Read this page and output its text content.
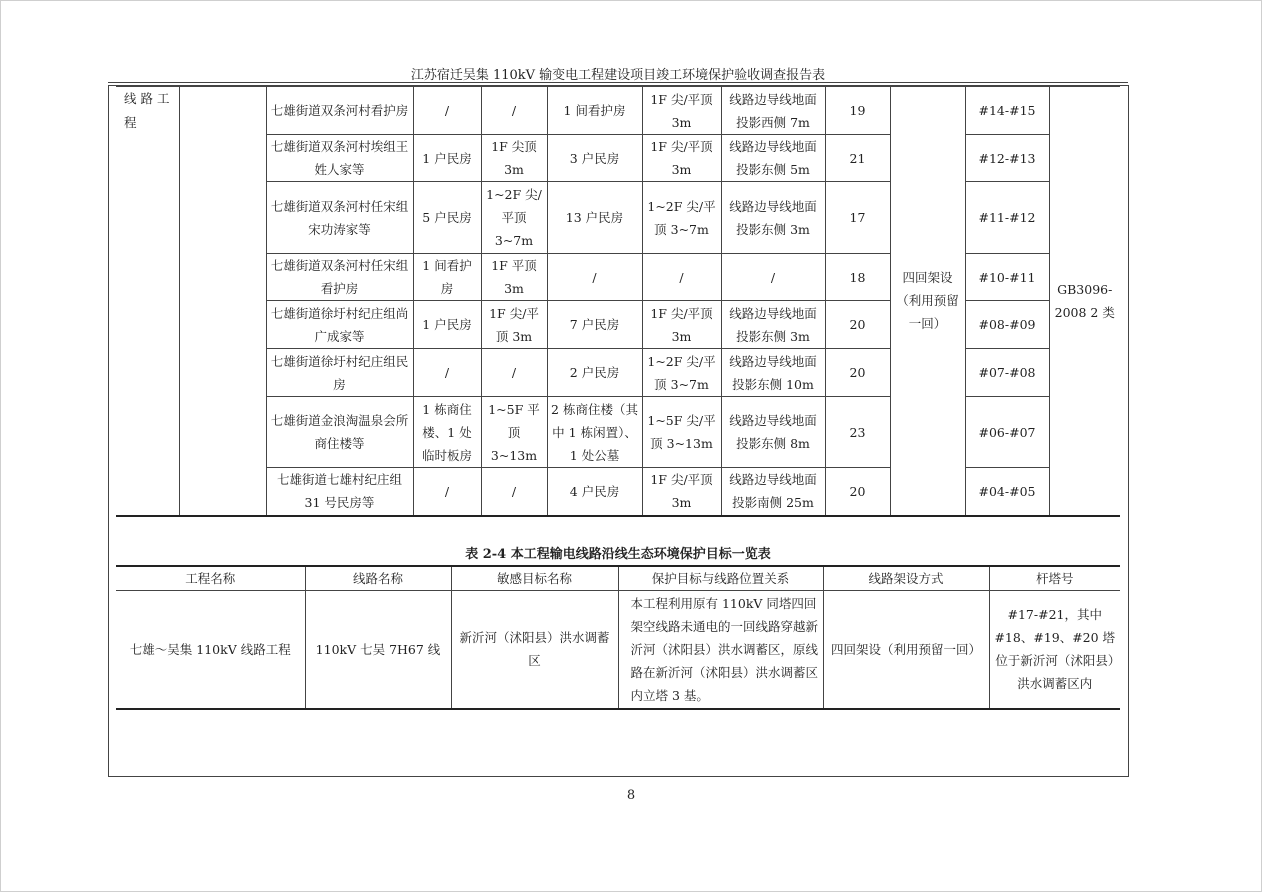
江苏宿迁吴集 110kV 输变电工程建设项目竣工环境保护验收调查报告表
线 路 工 程		七雄街道双条河村看护房	/	/	1 间看护房	1F 尖/平顶 3m	线路边导线地面投影西侧 7m	19	四回架设（利用预留一回）	#14-#15	GB3096-2008 2 类
		七雄街道双条河村埃组王姓人家等	1 户民房	1F 尖顶 3m	3 户民房	1F 尖/平顶 3m	线路边导线地面投影东侧 5m	21		#12-#13	
		七雄街道双条河村任宋组宋功涛家等	5 户民房	1~2F 尖/平顶 3~7m	13 户民房	1~2F 尖/平顶 3~7m	线路边导线地面投影东侧 3m	17		#11-#12	
		七雄街道双条河村任宋组看护房	1 间看护房	1F 平顶 3m	/	/	/	18		#10-#11	
		七雄街道徐圩村纪庄组尚广成家等	1 户民房	1F 尖/平顶 3m	7 户民房	1F 尖/平顶 3m	线路边导线地面投影东侧 3m	20		#08-#09	
		七雄街道徐圩村纪庄组民房	/	/	2 户民房	1~2F 尖/平顶 3~7m	线路边导线地面投影东侧 10m	20		#07-#08	
		七雄街道金浪淘温泉会所商住楼等	1 栋商住楼、1 处临时板房	1~5F 平顶 3~13m	2 栋商住楼（其中 1 栋闲置）、1 处公墓	1~5F 尖/平顶 3~13m	线路边导线地面投影东侧 8m	23		#06-#07	
		七雄街道七雄村纪庄组 31 号民房等	/	/	4 户民房	1F 尖/平顶 3m	线路边导线地面投影南侧 25m	20		#04-#05	
表 2-4 本工程输电线路沿线生态环境保护目标一览表
工程名称	线路名称	敏感目标名称	保护目标与线路位置关系	线路架设方式	杆塔号
七雄～吴集 110kV 线路工程	110kV 七吴 7H67 线	新沂河（沭阳县）洪水调蓄区	本工程利用原有 110kV 同塔四回架空线路未通电的一回线路穿越新沂河（沭阳县）洪水调蓄区，原线路在新沂河（沭阳县）洪水调蓄区内立塔 3 基。	四回架设（利用预留一回）	#17-#21，其中#18、#19、#20 塔位于新沂河（沭阳县）洪水调蓄区内
8
